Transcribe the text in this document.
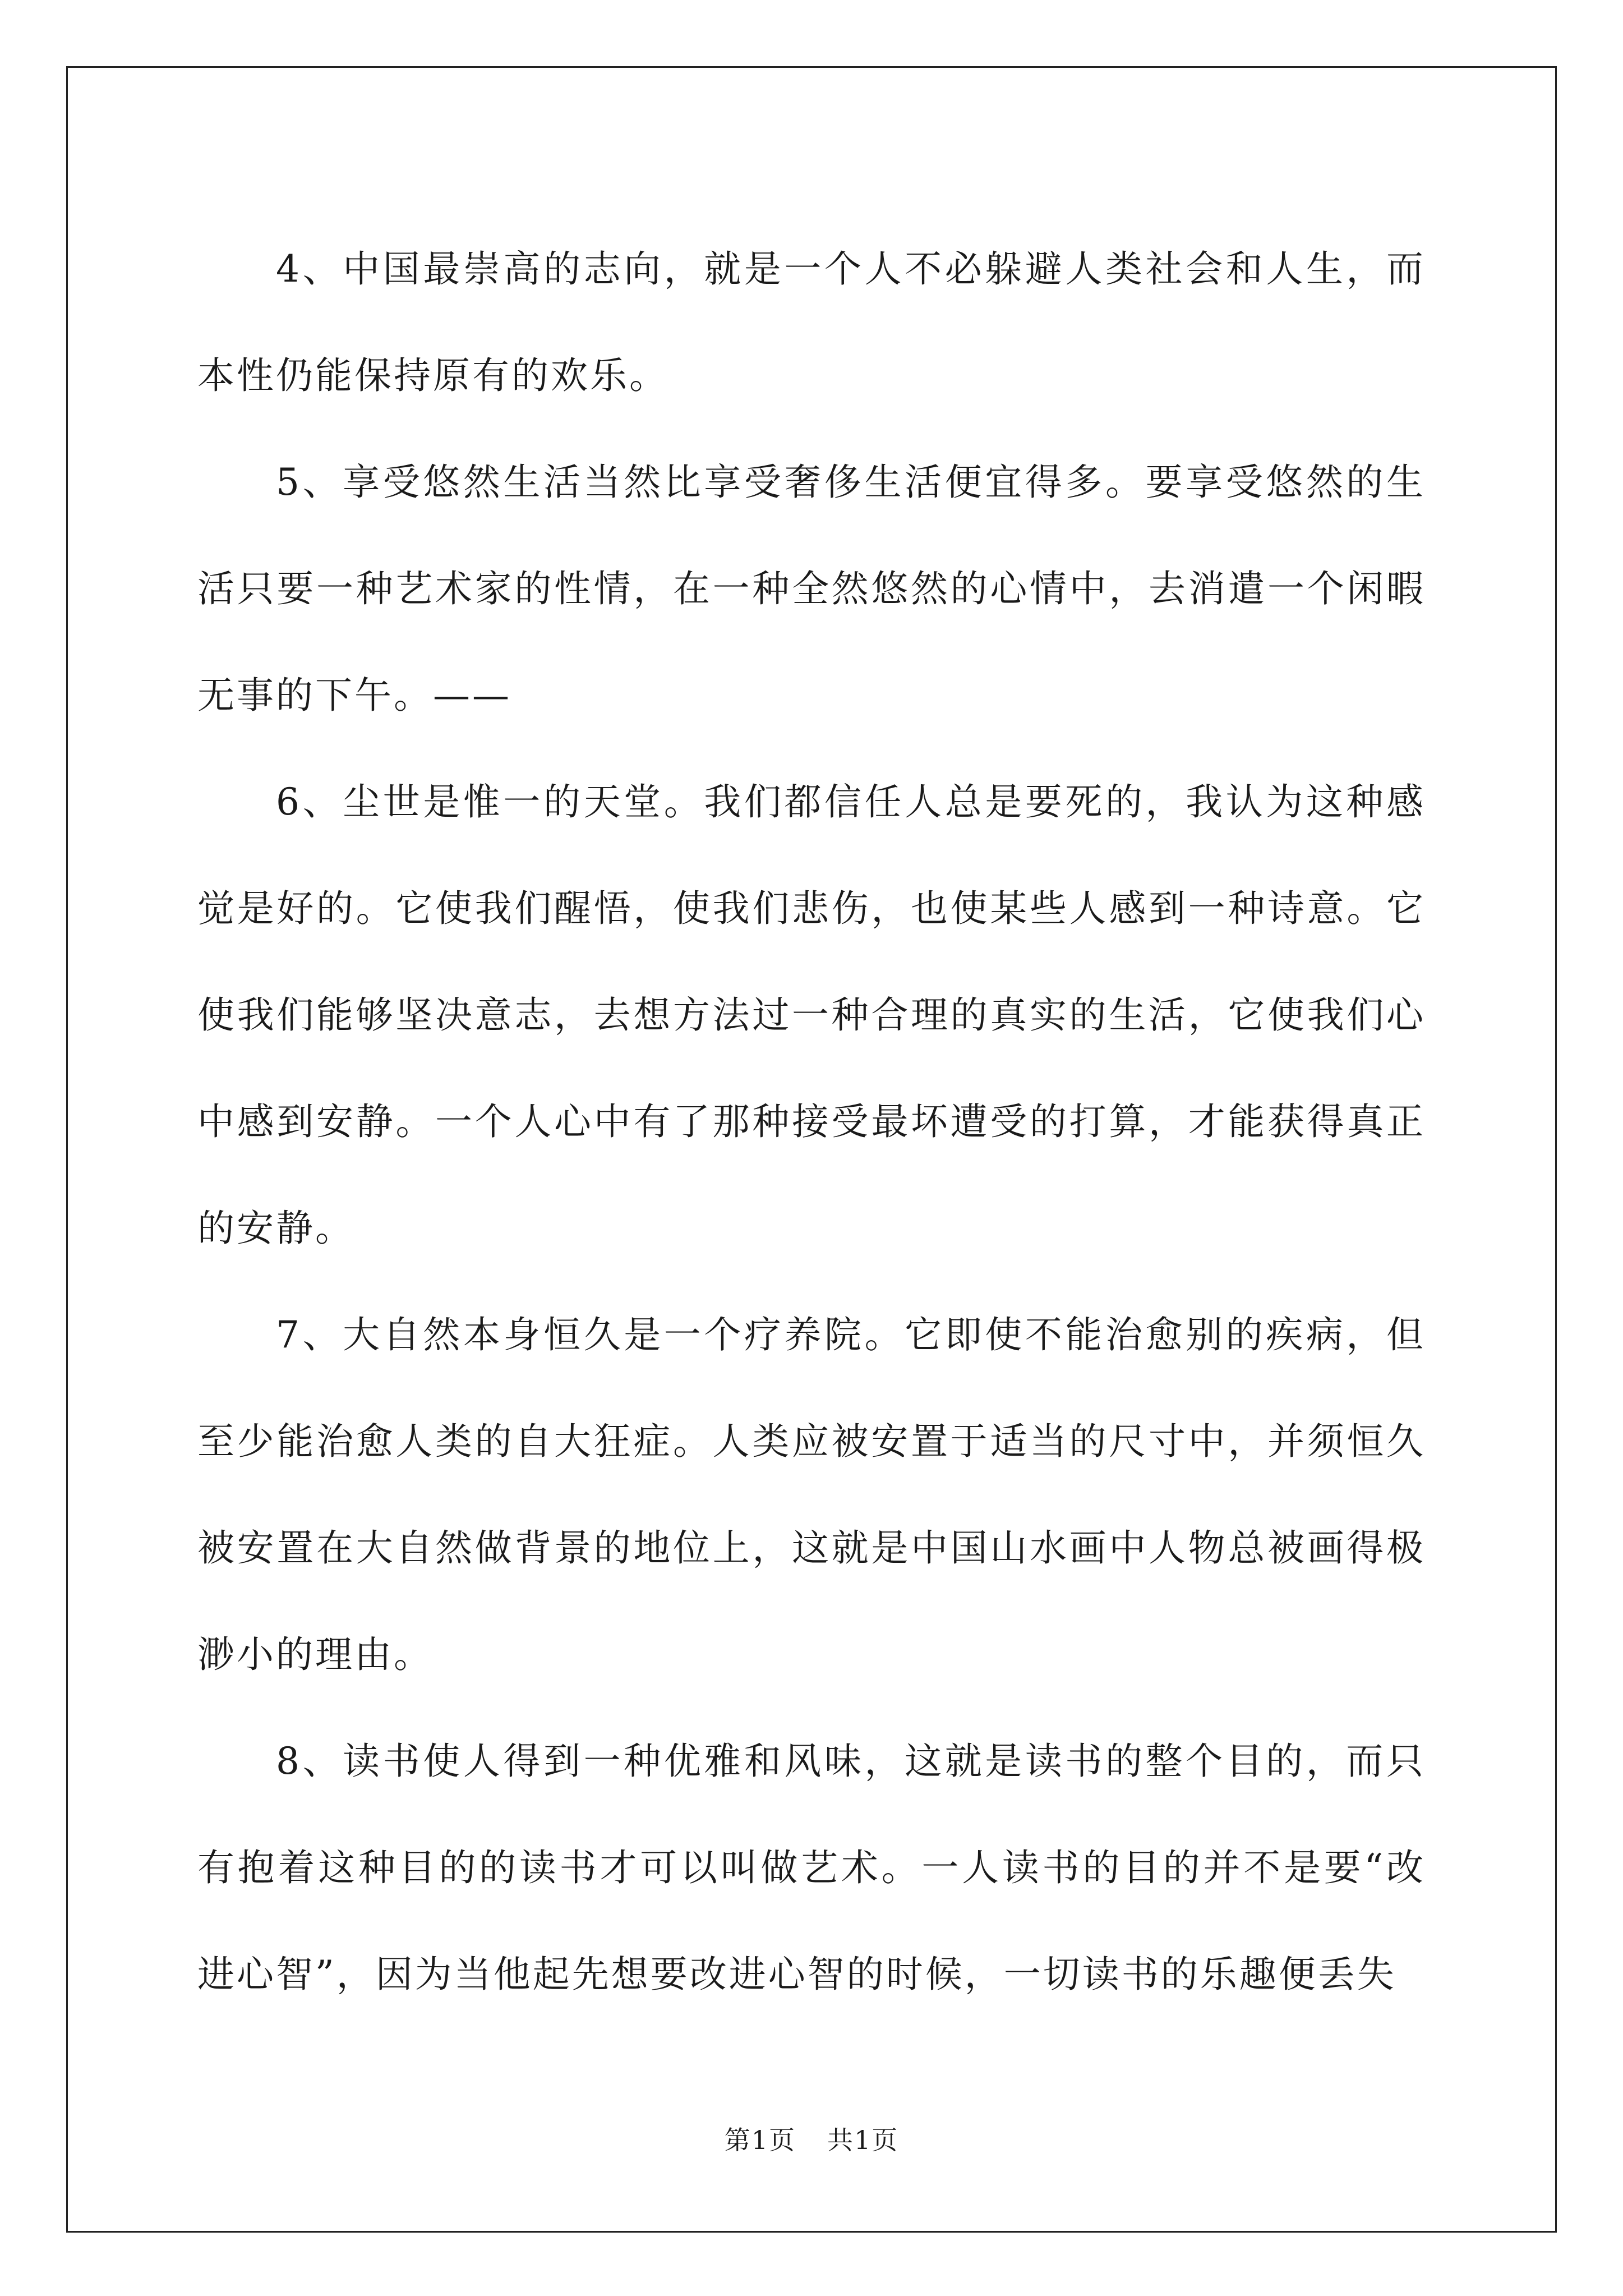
4、中国最崇高的志向，就是一个人不必躲避人类社会和人生，而本性仍能保持原有的欢乐。

5、享受悠然生活当然比享受奢侈生活便宜得多。要享受悠然的生活只要一种艺术家的性情，在一种全然悠然的心情中，去消遣一个闲暇无事的下午。——

6、尘世是惟一的天堂。我们都信任人总是要死的，我认为这种感觉是好的。它使我们醒悟，使我们悲伤，也使某些人感到一种诗意。它使我们能够坚决意志，去想方法过一种合理的真实的生活，它使我们心中感到安静。一个人心中有了那种接受最坏遭受的打算，才能获得真正的安静。

7、大自然本身恒久是一个疗养院。它即使不能治愈别的疾病，但至少能治愈人类的自大狂症。人类应被安置于适当的尺寸中，并须恒久被安置在大自然做背景的地位上，这就是中国山水画中人物总被画得极渺小的理由。

8、读书使人得到一种优雅和风味，这就是读书的整个目的，而只有抱着这种目的的读书才可以叫做艺术。一人读书的目的并不是要“改进心智”，因为当他起先想要改进心智的时候，一切读书的乐趣便丢失

第1页 共1页
